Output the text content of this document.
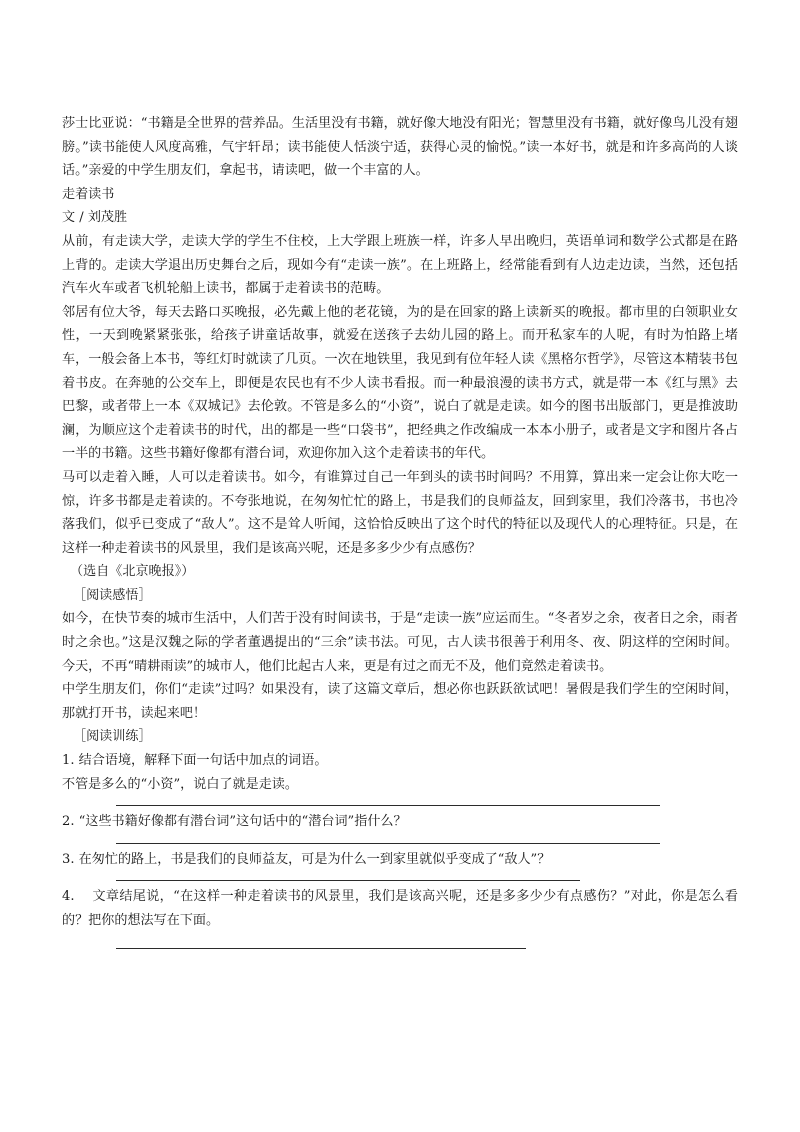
莎士比亚说：“书籍是全世界的营养品。生活里没有书籍，就好像大地没有阳光；智慧里没有书籍，就好像鸟儿没有翅膀。”读书能使人风度高雅，气宇轩昂；读书能使人恬淡宁适，获得心灵的愉悦。”读一本好书，就是和许多高尚的人谈话。”亲爱的中学生朋友们，拿起书，请读吧，做一个丰富的人。

走着读书

文 / 刘茂胜

从前，有走读大学，走读大学的学生不住校，上大学跟上班族一样，许多人早出晚归，英语单词和数学公式都是在路上背的。走读大学退出历史舞台之后，现如今有“走读一族”。在上班路上，经常能看到有人边走边读，当然，还包括汽车火车或者飞机轮船上读书，都属于走着读书的范畴。

邻居有位大爷，每天去路口买晚报，必先戴上他的老花镜，为的是在回家的路上读新买的晚报。都市里的白领职业女性，一天到晚紧紧张张，给孩子讲童话故事，就爱在送孩子去幼儿园的路上。而开私家车的人呢，有时为怕路上堵车，一般会备上本书，等红灯时就读了几页。一次在地铁里，我见到有位年轻人读《黑格尔哲学》，尽管这本精装书包着书皮。在奔驰的公交车上，即便是农民也有不少人读书看报。而一种最浪漫的读书方式，就是带一本《红与黑》去巴黎，或者带上一本《双城记》去伦敦。不管是多么的“小资”，说白了就是走读。如今的图书出版部门，更是推波助澜，为顺应这个走着读书的时代，出的都是一些“口袋书”，把经典之作改编成一本本小册子，或者是文字和图片各占一半的书籍。这些书籍好像都有潜台词，欢迎你加入这个走着读书的年代。

马可以走着入睡，人可以走着读书。如今，有谁算过自己一年到头的读书时间吗？不用算，算出来一定会让你大吃一惊，许多书都是走着读的。不夸张地说，在匆匆忙忙的路上，书是我们的良师益友，回到家里，我们冷落书，书也冷落我们，似乎已变成了“敌人”。这不是耸人听闻，这恰恰反映出了这个时代的特征以及现代人的心理特征。只是，在这样一种走着读书的风景里，我们是该高兴呢，还是多多少少有点感伤？

（选自《北京晚报》）

［阅读感悟］

如今，在快节奏的城市生活中，人们苦于没有时间读书，于是“走读一族”应运而生。“冬者岁之余，夜者日之余，雨者时之余也。”这是汉魏之际的学者董遇提出的“三余”读书法。可见，古人读书很善于利用冬、夜、阴这样的空闲时间。今天，不再“晴耕雨读”的城市人，他们比起古人来，更是有过之而无不及，他们竟然走着读书。

中学生朋友们，你们“走读”过吗？如果没有，读了这篇文章后，想必你也跃跃欲试吧！暑假是我们学生的空闲时间，那就打开书，读起来吧！

［阅读训练］

1. 结合语境，解释下面一句话中加点的词语。

不管是多么的“小资”，说白了就是走读。

2. “这些书籍好像都有潜台词”这句话中的“潜台词”指什么？

3. 在匆忙的路上，书是我们的良师益友，可是为什么一到家里就似乎变成了“敌人”？

4. 　文章结尾说，“在这样一种走着读书的风景里，我们是该高兴呢，还是多多少少有点感伤？”对此，你是怎么看的？把你的想法写在下面。
